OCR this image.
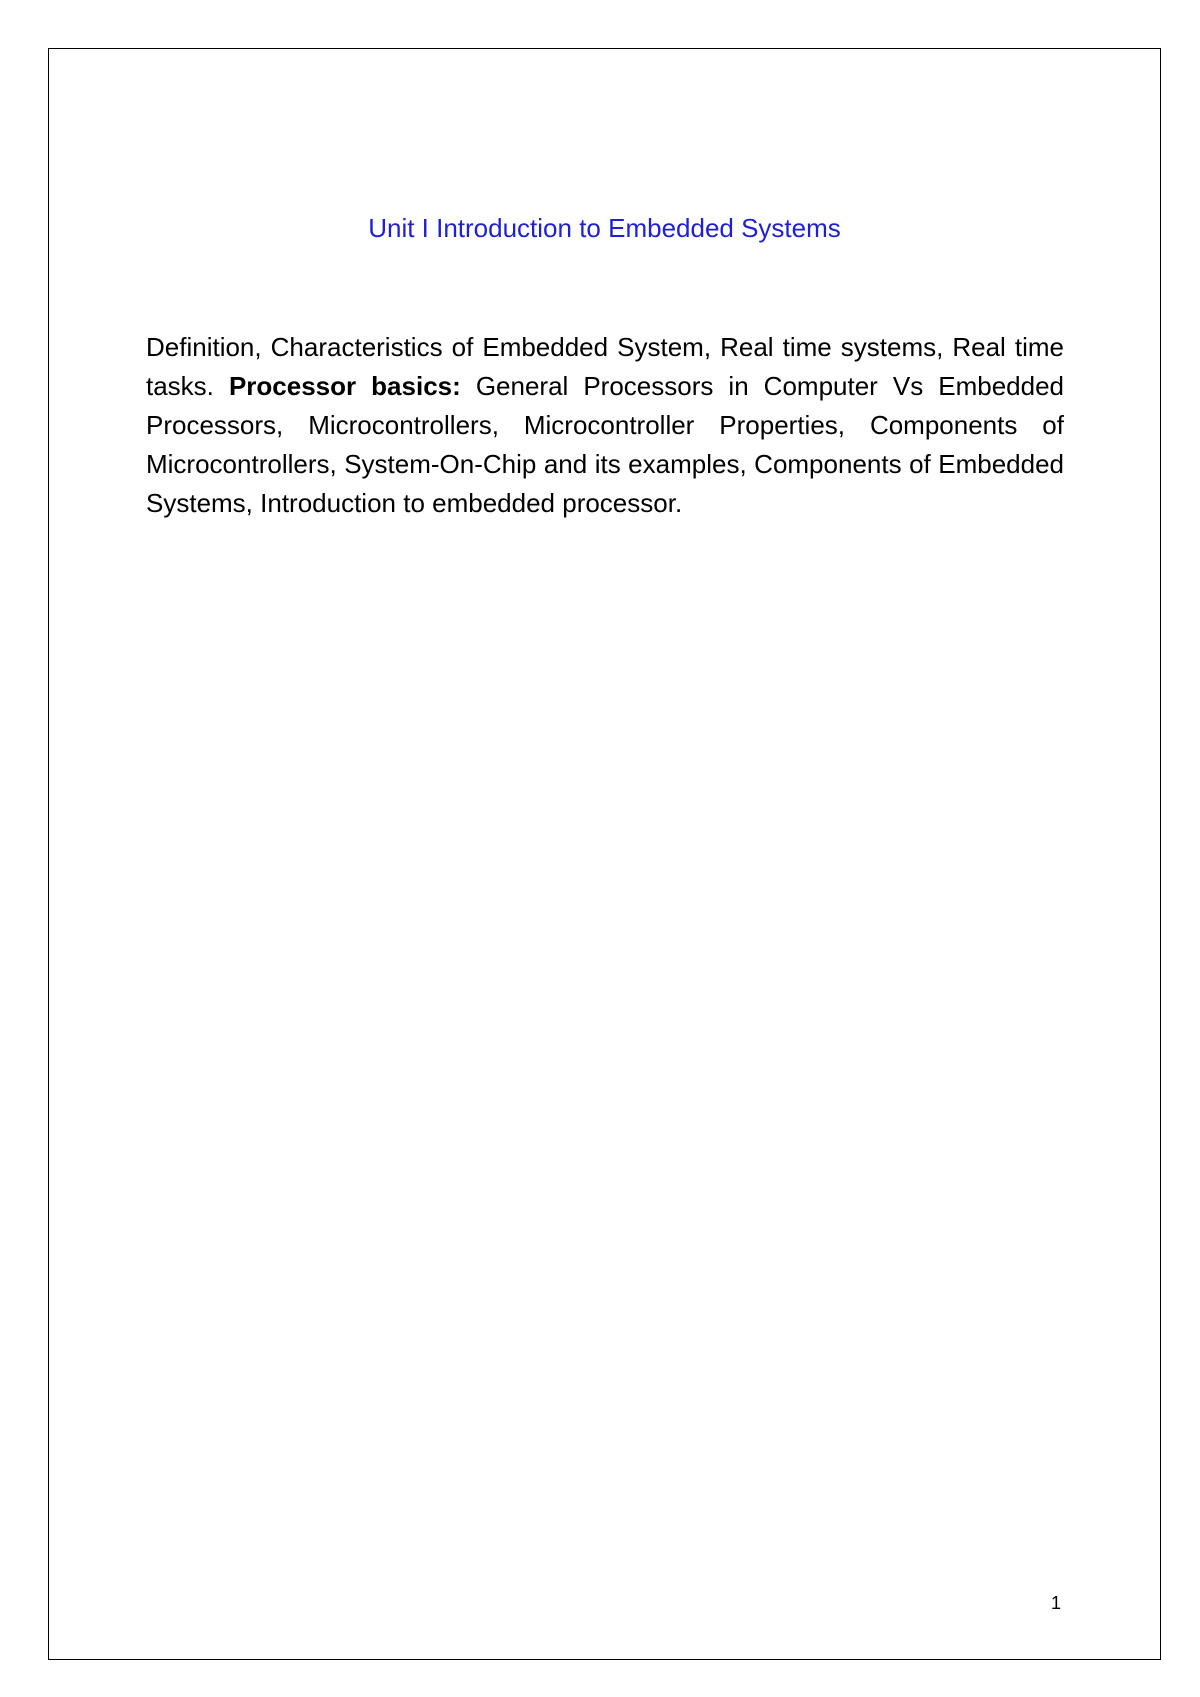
Unit I Introduction to Embedded Systems

Definition, Characteristics of Embedded System, Real time systems, Real time tasks. Processor basics: General Processors in Computer Vs Embedded Processors, Microcontrollers, Microcontroller Properties, Components of Microcontrollers, System-On-Chip and its examples, Components of Embedded Systems, Introduction to embedded processor.

1
